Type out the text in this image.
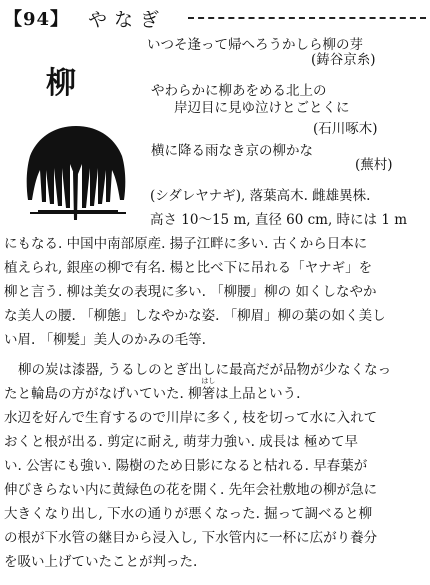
【94】 やなぎ
柳
いつそ逢って帰へろうかしら柳の芽
(鋳谷京糸)
やわらかに柳あをめる北上の
岸辺目に見ゆ泣けとごとくに
(石川啄木)
横に降る雨なき京の柳かな
(蕪村)
(シダレヤナギ), 落葉高木. 雌雄異株.
高さ 10～15 m, 直径 60 cm, 時には 1 m
にもなる. 中国中南部原産. 揚子江畔に多い. 古くから日本に
植えられ, 銀座の柳で有名. 楊と比べ下に吊れる「ヤナギ」を
柳と言う. 柳は美女の表現に多い. 「柳腰」柳の 如くしなやか
な美人の腰. 「柳態」しなやかな姿. 「柳眉」柳の葉の如く美し
い眉. 「柳髪」美人のかみの毛等.
柳の炭は漆器, うるしのとぎ出しに最高だが品物が少なくなっ
たと輪島の方がなげいていた. 柳
はし
箸は上品という.
水辺を好んで生育するので川岸に多く, 枝を切って水に入れて
おくと根が出る. 剪定に耐え, 萌芽力強い. 成長は 極めて早
い. 公害にも強い. 陽樹のため日影になると枯れる. 早春葉が
伸びきらない内に黄緑色の花を開く. 先年会社敷地の柳が急に
大きくなり出し, 下水の通りが悪くなった. 掘って調べると柳
の根が下水管の継目から浸入し, 下水管内に一杯に広がり養分
を吸い上げていたことが判った.
